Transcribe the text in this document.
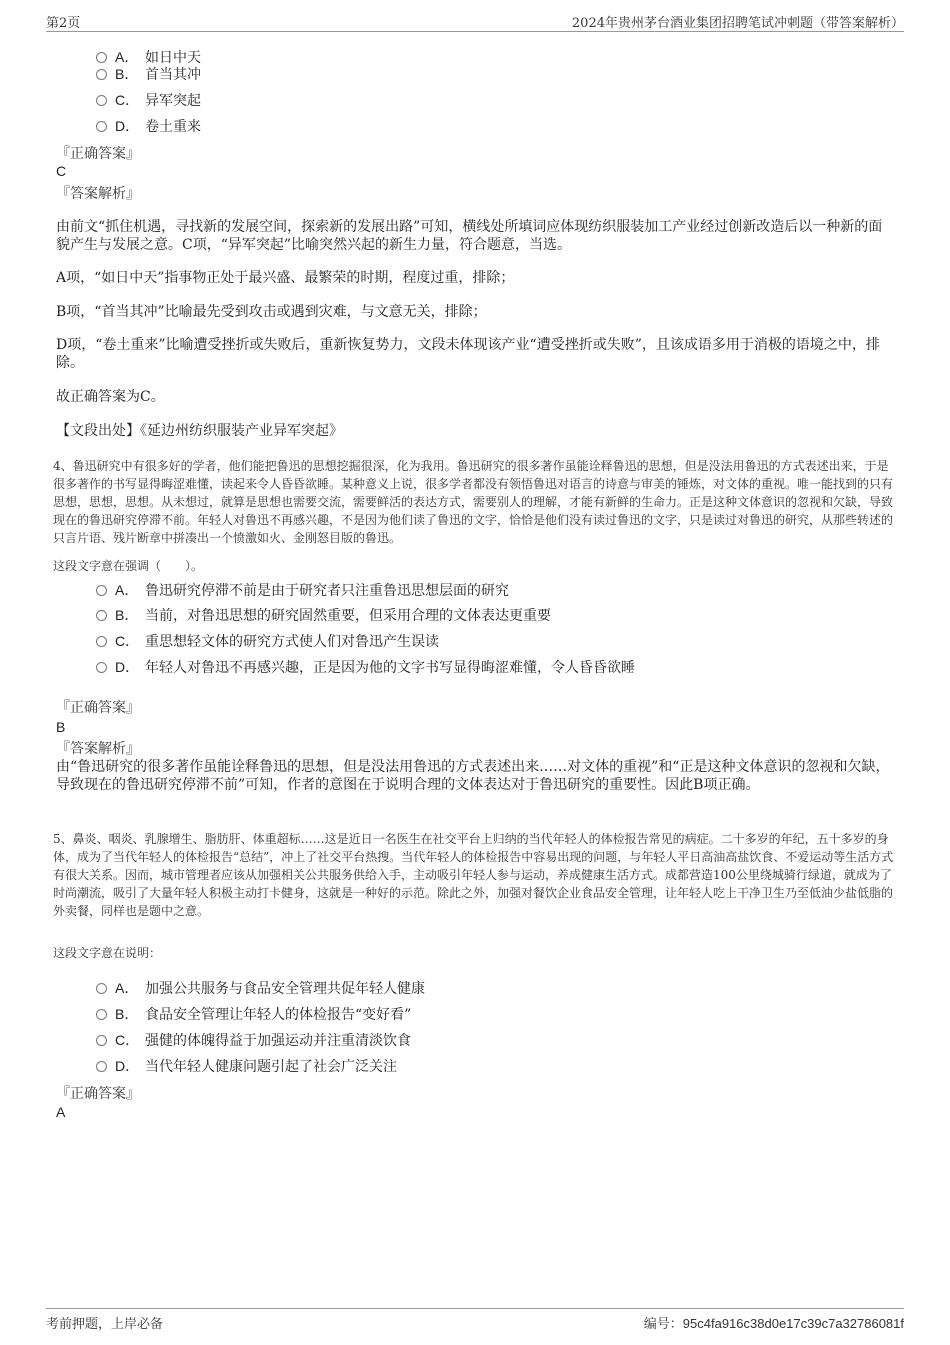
第2页	2024年贵州茅台酒业集团招聘笔试冲刺题（带答案解析）
A． 如日中天
B． 首当其冲
C． 异军突起
D． 卷土重来
『正确答案』
C
『答案解析』
由前文“抓住机遇，寻找新的发展空间，探索新的发展出路”可知，横线处所填词应体现纺织服装加工产业经过创新改造后以一种新的面貌产生与发展之意。C项，“异军突起”比喻突然兴起的新生力量，符合题意，当选。
A项，“如日中天”指事物正处于最兴盛、最繁荣的时期，程度过重，排除；
B项，“首当其冲”比喻最先受到攻击或遇到灾难，与文意无关，排除；
D项，“卷土重来”比喻遭受挫折或失败后，重新恢复势力，文段未体现该产业“遭受挫折或失败”，且该成语多用于消极的语境之中，排除。
故正确答案为C。
【文段出处】《延边州纺织服装产业异军突起》
4、鲁迅研究中有很多好的学者，他们能把鲁迅的思想挖掘很深，化为我用。鲁迅研究的很多著作虽能诠释鲁迅的思想，但是没法用鲁迅的方式表述出来，于是很多著作的书写显得晦涩难懂，读起来令人昏昏欲睡。某种意义上说，很多学者都没有领悟鲁迅对语言的诗意与审美的锤炼，对文体的重视。唯一能找到的只有思想，思想，思想。从未想过，就算是思想也需要交流，需要鲜活的表达方式，需要别人的理解，才能有新鲜的生命力。正是这种文体意识的忽视和欠缺，导致现在的鲁迅研究停滞不前。年轻人对鲁迅不再感兴趣，不是因为他们读了鲁迅的文字，恰恰是他们没有读过鲁迅的文字，只是读过对鲁迅的研究，从那些转述的只言片语、残片断章中拼凑出一个愤激如火、金刚怒目版的鲁迅。
这段文字意在强调（　　）。
A． 鲁迅研究停滞不前是由于研究者只注重鲁迅思想层面的研究
B． 当前，对鲁迅思想的研究固然重要，但采用合理的文体表达更重要
C． 重思想轻文体的研究方式使人们对鲁迅产生误读
D． 年轻人对鲁迅不再感兴趣，正是因为他的文字书写显得晦涩难懂，令人昏昏欲睡
『正确答案』
B
『答案解析』
由“鲁迅研究的很多著作虽能诠释鲁迅的思想，但是没法用鲁迅的方式表述出来……对文体的重视”和“正是这种文体意识的忽视和欠缺，导致现在的鲁迅研究停滞不前”可知，作者的意图在于说明合理的文体表达对于鲁迅研究的重要性。因此B项正确。
5、鼻炎、咽炎、乳腺增生、脂肪肝、体重超标……这是近日一名医生在社交平台上归纳的当代年轻人的体检报告常见的病症。二十多岁的年纪，五十多岁的身体，成为了当代年轻人的体检报告“总结”，冲上了社交平台热搜。当代年轻人的体检报告中容易出现的问题，与年轻人平日高油高盐饮食、不爱运动等生活方式有很大关系。因而，城市管理者应该从加强相关公共服务供给入手，主动吸引年轻人参与运动，养成健康生活方式。成都营造100公里绕城骑行绿道，就成为了时尚潮流，吸引了大量年轻人积极主动打卡健身，这就是一种好的示范。除此之外，加强对餐饮企业食品安全管理，让年轻人吃上干净卫生乃至低油少盐低脂的外卖餐，同样也是题中之意。
这段文字意在说明：
A． 加强公共服务与食品安全管理共促年轻人健康
B． 食品安全管理让年轻人的体检报告“变好看”
C． 强健的体魄得益于加强运动并注重清淡饮食
D． 当代年轻人健康问题引起了社会广泛关注
『正确答案』
A
考前押题，上岸必备	编号：95c4fa916c38d0e17c39c7a32786081f
